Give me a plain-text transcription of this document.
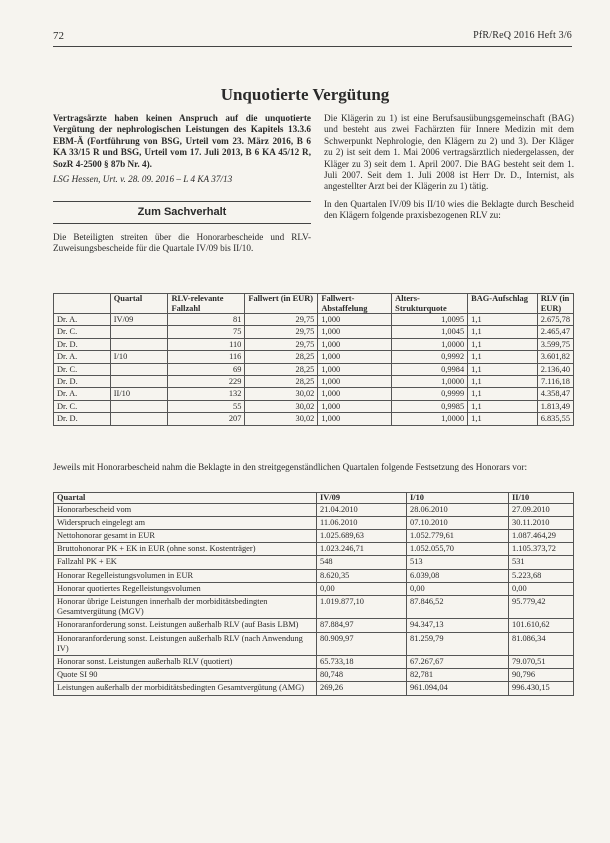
72	PfR/ReQ 2016 Heft 3/6
Unquotierte Vergütung

Vertragsärzte haben keinen Anspruch auf die unquotierte Vergütung der nephrologischen Leistungen des Kapitels 13.3.6 EBM-Ä (Fortführung von BSG, Urteil vom 23. März 2016, B 6 KA 33/15 R und BSG, Urteil vom 17. Juli 2013, B 6 KA 45/12 R, SozR 4-2500 § 87b Nr. 4).

LSG Hessen, Urt. v. 28. 09. 2016 – L 4 KA 37/13

Zum Sachverhalt

Die Beteiligten streiten über die Honorarbescheide und RLV-Zuweisungsbescheide für die Quartale IV/09 bis II/10.

Die Klägerin zu 1) ist eine Berufsausübungsgemeinschaft (BAG) und besteht aus zwei Fachärzten für Innere Medizin mit dem Schwerpunkt Nephrologie, den Klägern zu 2) und 3). Der Kläger zu 2) ist seit dem 1. Mai 2006 vertragsärztlich niedergelassen, der Kläger zu 3) seit dem 1. April 2007. Die BAG besteht seit dem 1. Juli 2007. Seit dem 1. Juli 2008 ist Herr Dr. D., Internist, als angestellter Arzt bei der Klägerin zu 1) tätig.

In den Quartalen IV/09 bis II/10 wies die Beklagte durch Bescheid den Klägern folgende praxisbezogenen RLV zu:

	Quartal	RLV-relevante Fallzahl	Fallwert (in EUR)	Fallwert-Abstaffelung	Alters-Strukturquote	BAG-Aufschlag	RLV (in EUR)
Dr. A.	IV/09	81	29,75	1,000	1,0095	1,1	2.675,78
Dr. C.		75	29,75	1,000	1,0045	1,1	2.465,47
Dr. D.		110	29,75	1,000	1,0000	1,1	3.599,75
Dr. A.	I/10	116	28,25	1,000	0,9992	1,1	3.601,82
Dr. C.		69	28,25	1,000	0,9984	1,1	2.136,40
Dr. D.		229	28,25	1,000	1,0000	1,1	7.116,18
Dr. A.	II/10	132	30,02	1,000	0,9999	1,1	4.358,47
Dr. C.		55	30,02	1,000	0,9985	1,1	1.813,49
Dr. D.		207	30,02	1,000	1,0000	1,1	6.835,55
Jeweils mit Honorarbescheid nahm die Beklagte in den streitgegenständlichen Quartalen folgende Festsetzung des Honorars vor:
Quartal	IV/09	I/10	II/10
Honorarbescheid vom	21.04.2010	28.06.2010	27.09.2010
Widerspruch eingelegt am	11.06.2010	07.10.2010	30.11.2010
Nettohonorar gesamt in EUR	1.025.689,63	1.052.779,61	1.087.464,29
Bruttohonorar PK + EK in EUR (ohne sonst. Kostenträger)	1.023.246,71	1.052.055,70	1.105.373,72
Fallzahl PK + EK	548	513	531
Honorar Regelleistungsvolumen in EUR	8.620,35	6.039,08	5.223,68
Honorar quotiertes Regelleistungsvolumen	0,00	0,00	0,00
Honorar übrige Leistungen innerhalb der morbiditätsbedingten Gesamtvergütung (MGV)	1.019.877,10	87.846,52	95.779,42
Honoraranforderung sonst. Leistungen außerhalb RLV (auf Basis LBM)	87.884,97	94.347,13	101.610,62
Honoraranforderung sonst. Leistungen außerhalb RLV (nach Anwendung IV)	80.909,97	81.259,79	81.086,34
Honorar sonst. Leistungen außerhalb RLV (quotiert)	65.733,18	67.267,67	79.070,51
Quote SI 90	80,748	82,781	90,796
Leistungen außerhalb der morbiditätsbedingten Gesamtvergütung (AMG)	269,26	961.094,04	996.430,15
